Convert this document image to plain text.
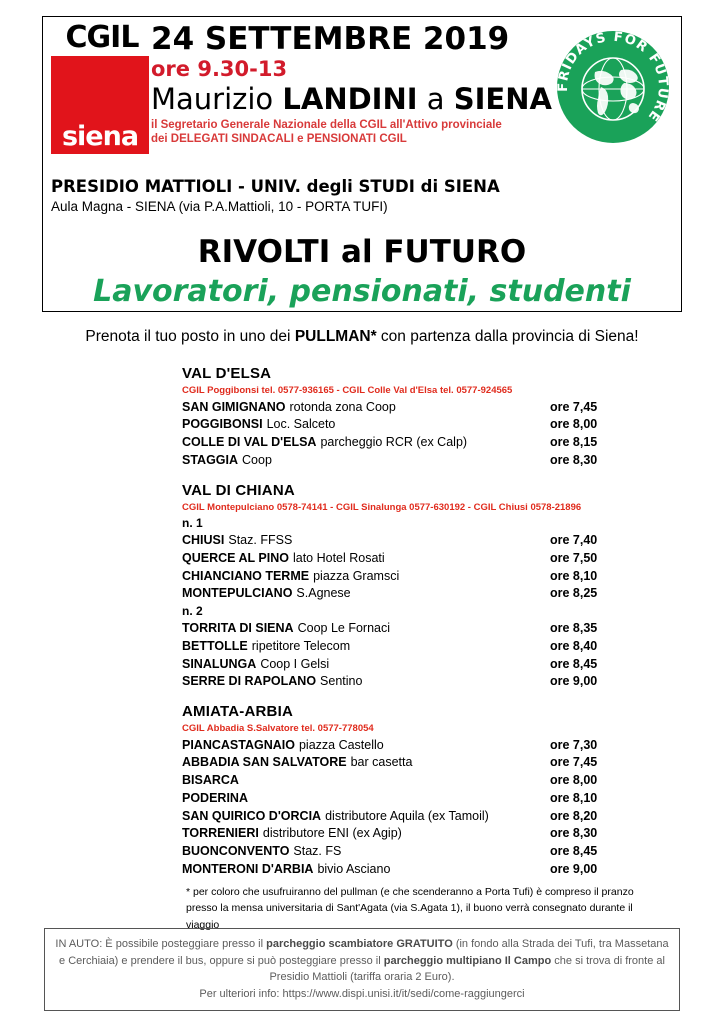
CGIL
siena
FRIDAYS FOR FUTURE
24 SETTEMBRE 2019
ore 9.30-13
Maurizio LANDINI a SIENA
il Segretario Generale Nazionale della CGIL all'Attivo provinciale
dei DELEGATI SINDACALI e PENSIONATI CGIL
PRESIDIO MATTIOLI - UNIV. degli STUDI di SIENA
Aula Magna - SIENA (via P.A.Mattioli, 10 - PORTA TUFI)
RIVOLTI al FUTURO
Lavoratori, pensionati, studenti
Prenota il tuo posto in uno dei PULLMAN* con partenza dalla provincia di Siena!
VAL D'ELSA
CGIL Poggibonsi tel. 0577-936165 - CGIL Colle Val d'Elsa tel. 0577-924565
SAN GIMIGNANO rotonda zona Coop	ore 7,45
POGGIBONSI Loc. Salceto	ore 8,00
COLLE DI VAL D'ELSA parcheggio RCR (ex Calp)	ore 8,15
STAGGIA Coop	ore 8,30
VAL DI CHIANA
CGIL Montepulciano 0578-74141 - CGIL Sinalunga 0577-630192 - CGIL Chiusi 0578-21896
n. 1
CHIUSI Staz. FFSS	ore 7,40
QUERCE AL PINO lato Hotel Rosati	ore 7,50
CHIANCIANO TERME piazza Gramsci	ore 8,10
MONTEPULCIANO S.Agnese	ore 8,25
n. 2
TORRITA DI SIENA Coop Le Fornaci	ore 8,35
BETTOLLE ripetitore Telecom	ore 8,40
SINALUNGA Coop I Gelsi	ore 8,45
SERRE DI RAPOLANO Sentino	ore 9,00
AMIATA-ARBIA
CGIL Abbadia S.Salvatore tel. 0577-778054
PIANCASTAGNAIO piazza Castello	ore 7,30
ABBADIA SAN SALVATORE bar casetta	ore 7,45
BISARCA	ore 8,00
PODERINA	ore 8,10
SAN QUIRICO D'ORCIA distributore Aquila (ex Tamoil)	ore 8,20
TORRENIERI distributore ENI (ex Agip)	ore 8,30
BUONCONVENTO Staz. FS	ore 8,45
MONTERONI D'ARBIA bivio Asciano	ore 9,00
* per coloro che usufruiranno del pullman (e che scenderanno a Porta Tufi) è compreso il pranzo
presso la mensa universitaria di Sant'Agata (via S.Agata 1), il buono verrà consegnato durante il viaggio
IN AUTO: È possibile posteggiare presso il parcheggio scambiatore GRATUITO (in fondo alla Strada dei Tufi, tra Massetana e Cerchiaia) e prendere il bus, oppure si può posteggiare presso il parcheggio multipiano Il Campo che si trova di fronte al Presidio Mattioli (tariffa oraria 2 Euro).
Per ulteriori info: https://www.dispi.unisi.it/it/sedi/come-raggiungerci
